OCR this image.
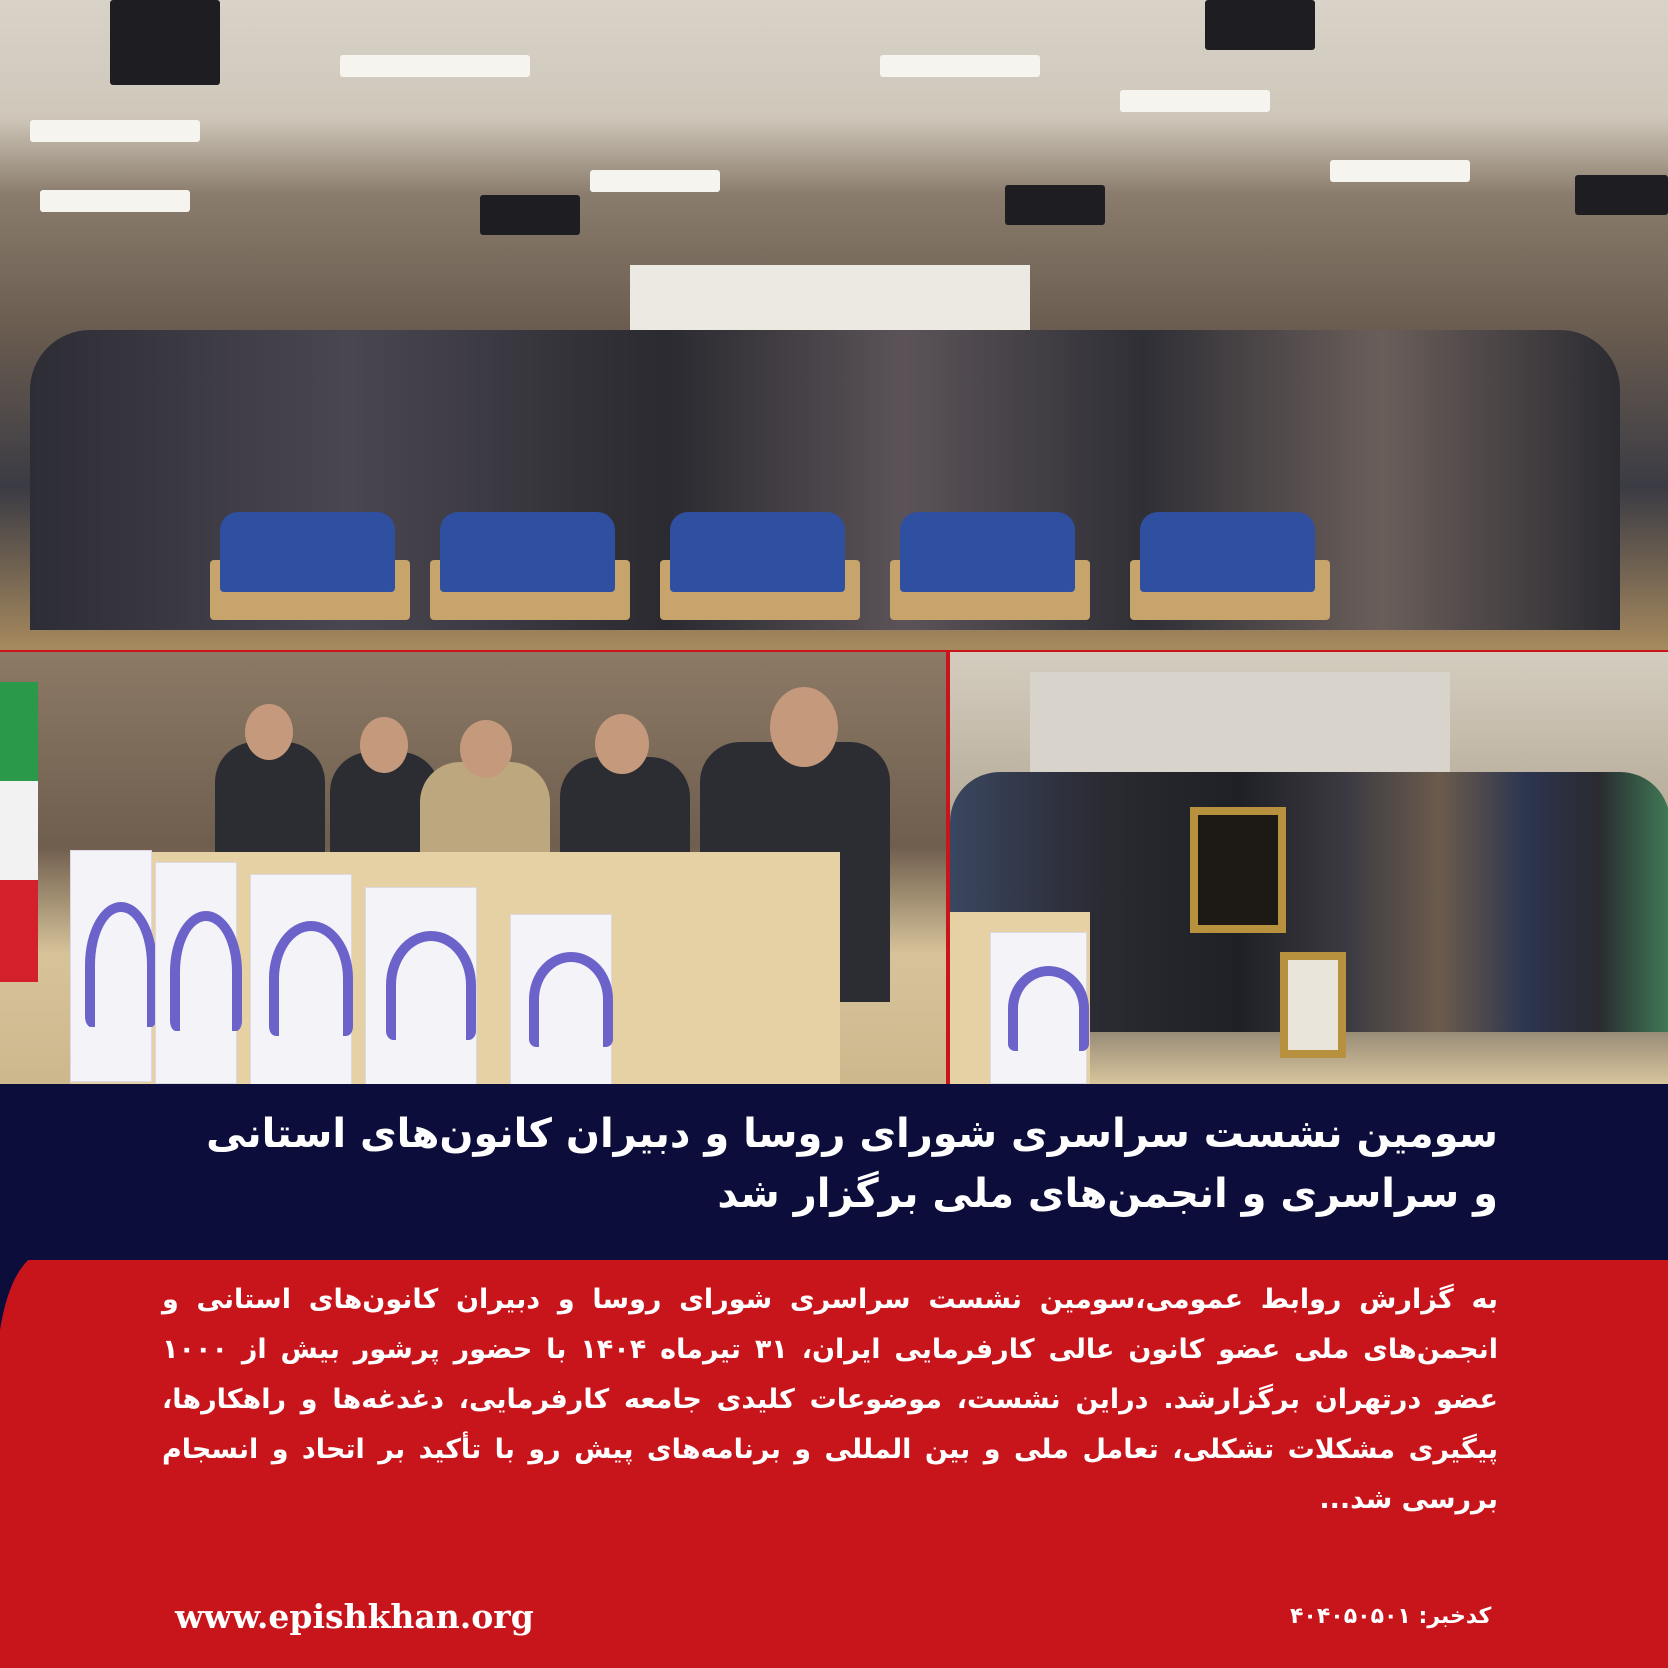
سومین نشست سراسری شورای روسا و دبیران کانون‌های استانی
و سراسری و انجمن‌های ملی برگزار شد

به گزارش روابط عمومی،سومین نشست سراسری شورای روسا و دبیران کانون‌های استانی و انجمن‌های ملی عضو کانون عالی کارفرمایی ایران، ۳۱ تیرماه ۱۴۰۴ با حضور پرشور بیش از ۱۰۰۰ عضو درتهران برگزارشد. دراین نشست، موضوعات کلیدی جامعه کارفرمایی، دغدغه‌ها و راهکارها، پیگیری مشکلات تشکلی، تعامل ملی و بین المللی و برنامه‌های پیش رو با تأکید بر اتحاد و انسجام بررسی شد...

www.epishkhan.org	کدخبر: ۴۰۴۰۵۰۵۰۱
